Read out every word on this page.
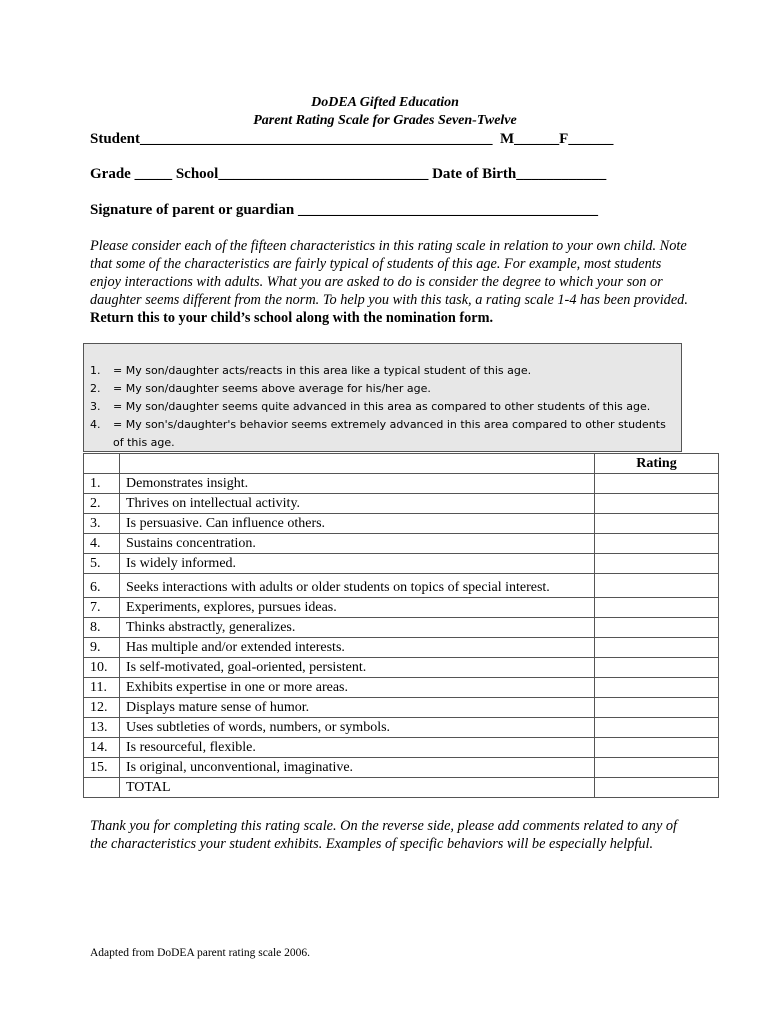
DoDEA Gifted Education
Parent Rating Scale for Grades Seven-Twelve
Student_______________________________________________  M______F______
Grade _____ School____________________________ Date of Birth____________
Signature of parent or guardian ________________________________________
Please consider each of the fifteen characteristics in this rating scale in relation to your own child. Note that some of the characteristics are fairly typical of students of this age. For example, most students enjoy interactions with adults. What you are asked to do is consider the degree to which your son or daughter seems different from the norm. To help you with this task, a rating scale 1-4 has been provided. Return this to your child’s school along with the nomination form.
1.	= My son/daughter acts/reacts in this area like a typical student of this age.
2.	= My son/daughter seems above average for his/her age.
3.	= My son/daughter seems quite advanced in this area as compared to other students of this age.
4.	= My son's/daughter's behavior seems extremely advanced in this area compared to other students of this age.
		Rating
1.	Demonstrates insight.	
2.	Thrives on intellectual activity.	
3.	Is persuasive. Can influence others.	
4.	Sustains concentration.	
5.	Is widely informed.	
6.	Seeks interactions with adults or older students on topics of special interest.	
7.	Experiments, explores, pursues ideas.	
8.	Thinks abstractly, generalizes.	
9.	Has multiple and/or extended interests.	
10.	Is self-motivated, goal-oriented, persistent.	
11.	Exhibits expertise in one or more areas.	
12.	Displays mature sense of humor.	
13.	Uses subtleties of words, numbers, or symbols.	
14.	Is resourceful, flexible.	
15.	Is original, unconventional, imaginative.	
	TOTAL	
Thank you for completing this rating scale. On the reverse side, please add comments related to any of the characteristics your student exhibits. Examples of specific behaviors will be especially helpful.
Adapted from DoDEA parent rating scale 2006.
